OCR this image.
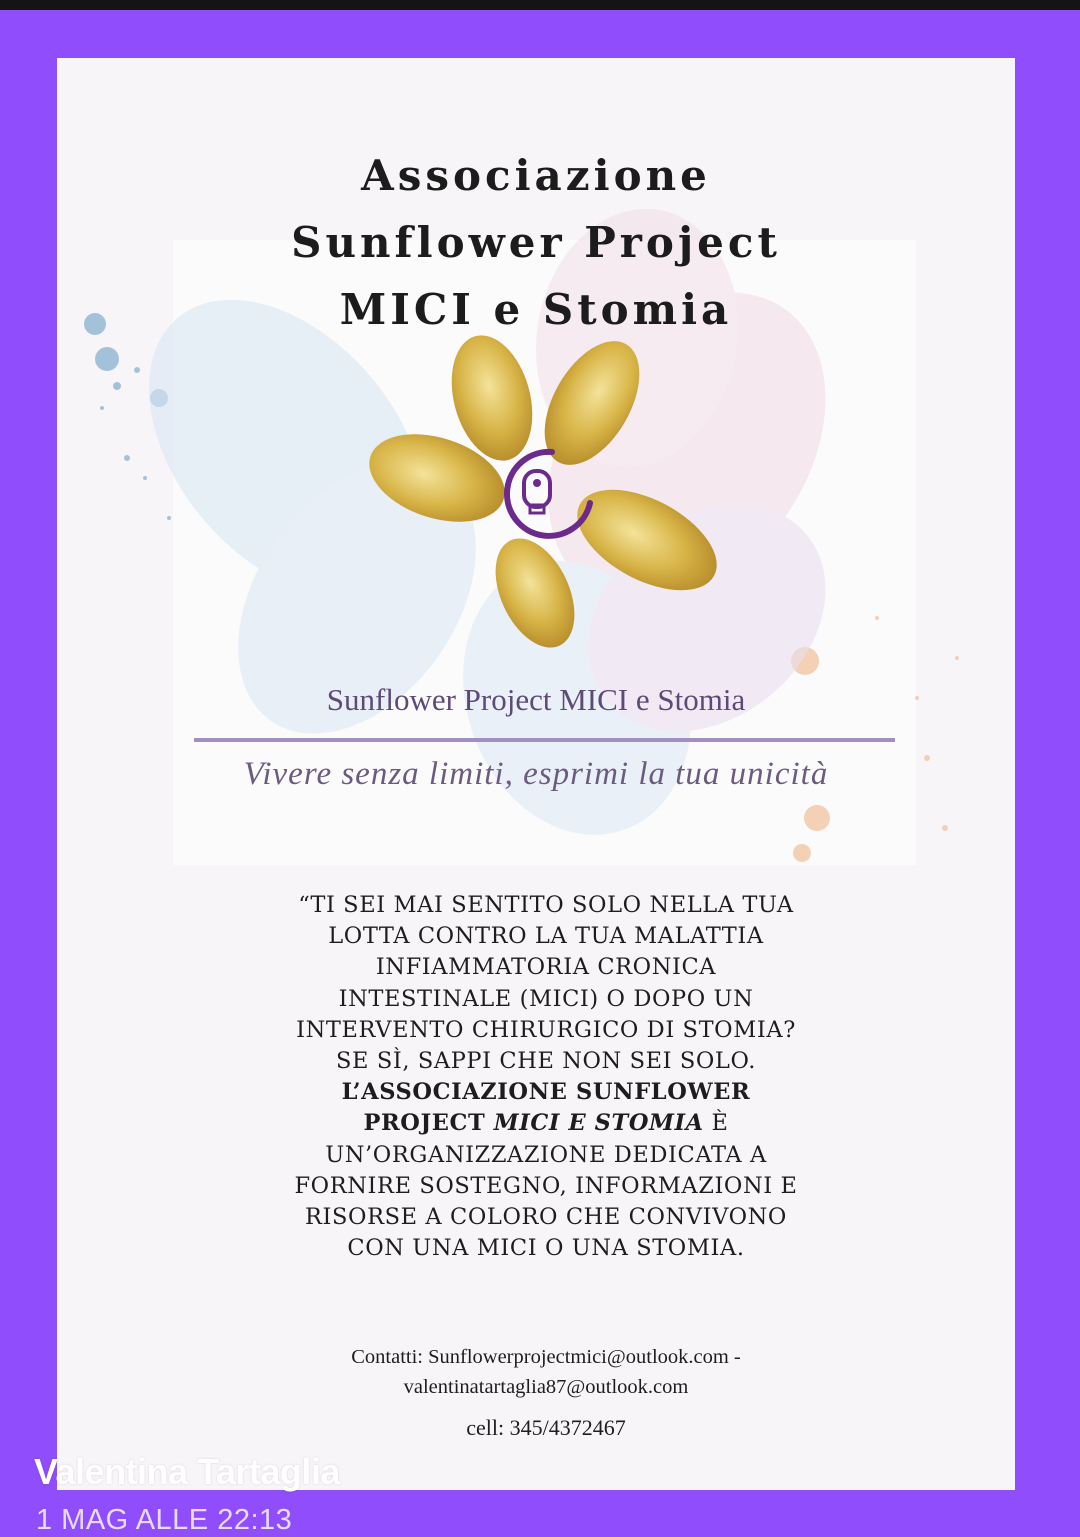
Associazione
Sunflower Project
MICI e Stomia
Sunflower Project MICI e Stomia
Vivere senza limiti, esprimi la tua unicità
“TI SEI MAI SENTITO SOLO NELLA TUA LOTTA CONTRO LA TUA MALATTIA INFIAMMATORIA CRONICA INTESTINALE (MICI) O DOPO UN INTERVENTO CHIRURGICO DI STOMIA? SE SÌ, SAPPI CHE NON SEI SOLO. L’ASSOCIAZIONE SUNFLOWER PROJECT MICI E STOMIA È UN’ORGANIZZAZIONE DEDICATA A FORNIRE SOSTEGNO, INFORMAZIONI E RISORSE A COLORO CHE CONVIVONO CON UNA MICI O UNA STOMIA.
Contatti: Sunflowerprojectmici@outlook.com -
valentinatartaglia87@outlook.com
cell: 345/4372467
Valentina Tartaglia
1 MAG ALLE 22:13
